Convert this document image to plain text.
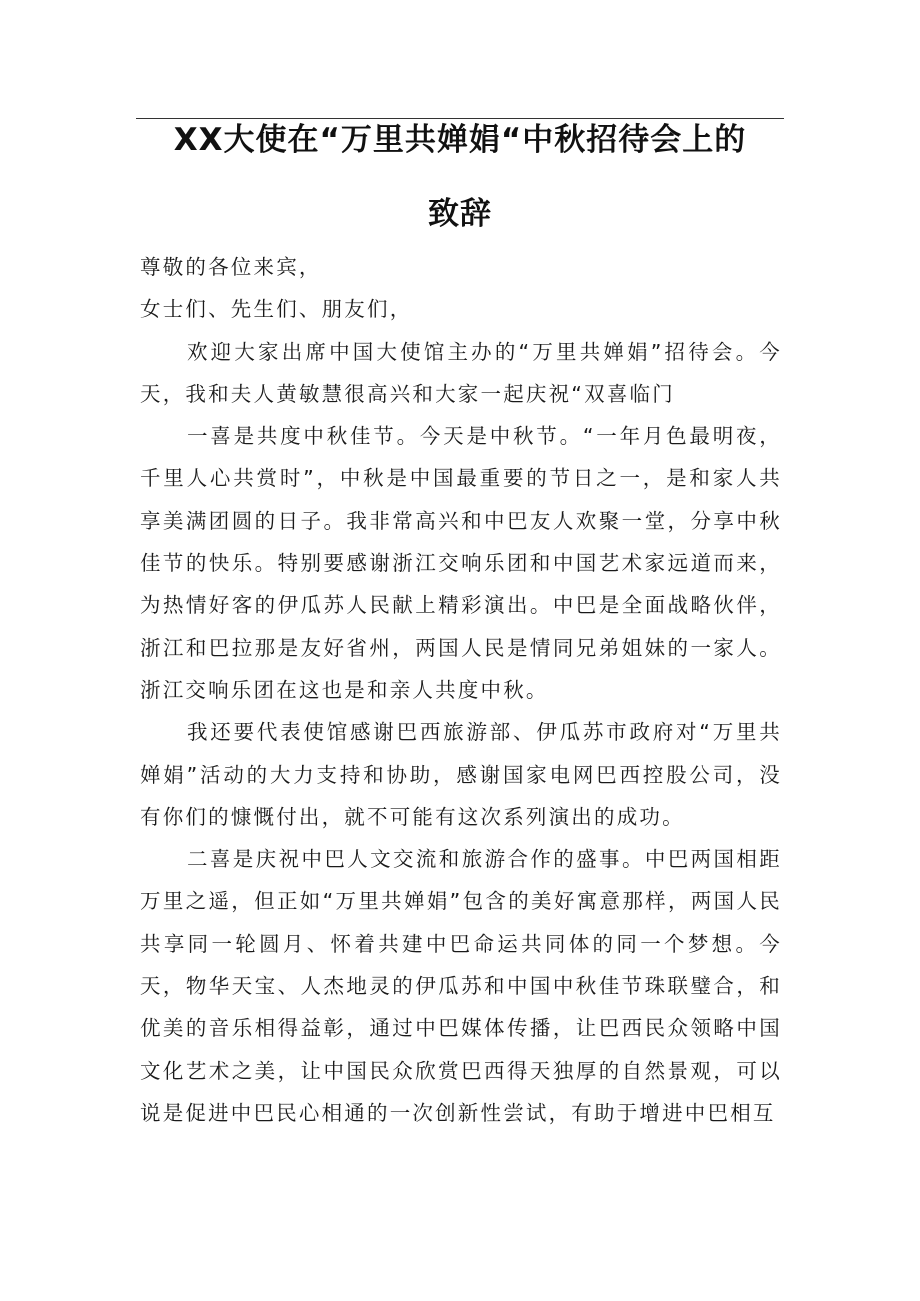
XX大使在“万里共婵娟“中秋招待会上的
致辞

尊敬的各位来宾，

女士们、先生们、朋友们，

欢迎大家出席中国大使馆主办的“万里共婵娟”招待会。今天，我和夫人黄敏慧很高兴和大家一起庆祝“双喜临门

一喜是共度中秋佳节。今天是中秋节。“一年月色最明夜，千里人心共赏时”，中秋是中国最重要的节日之一，是和家人共享美满团圆的日子。我非常高兴和中巴友人欢聚一堂，分享中秋佳节的快乐。特别要感谢浙江交响乐团和中国艺术家远道而来，为热情好客的伊瓜苏人民献上精彩演出。中巴是全面战略伙伴，浙江和巴拉那是友好省州，两国人民是情同兄弟姐妹的一家人。浙江交响乐团在这也是和亲人共度中秋。

我还要代表使馆感谢巴西旅游部、伊瓜苏市政府对“万里共婵娟”活动的大力支持和协助，感谢国家电网巴西控股公司，没有你们的慷慨付出，就不可能有这次系列演出的成功。

二喜是庆祝中巴人文交流和旅游合作的盛事。中巴两国相距万里之遥，但正如“万里共婵娟”包含的美好寓意那样，两国人民共享同一轮圆月、怀着共建中巴命运共同体的同一个梦想。今天，物华天宝、人杰地灵的伊瓜苏和中国中秋佳节珠联璧合，和优美的音乐相得益彰，通过中巴媒体传播，让巴西民众领略中国文化艺术之美，让中国民众欣赏巴西得天独厚的自然景观，可以说是促进中巴民心相通的一次创新性尝试，有助于增进中巴相互
